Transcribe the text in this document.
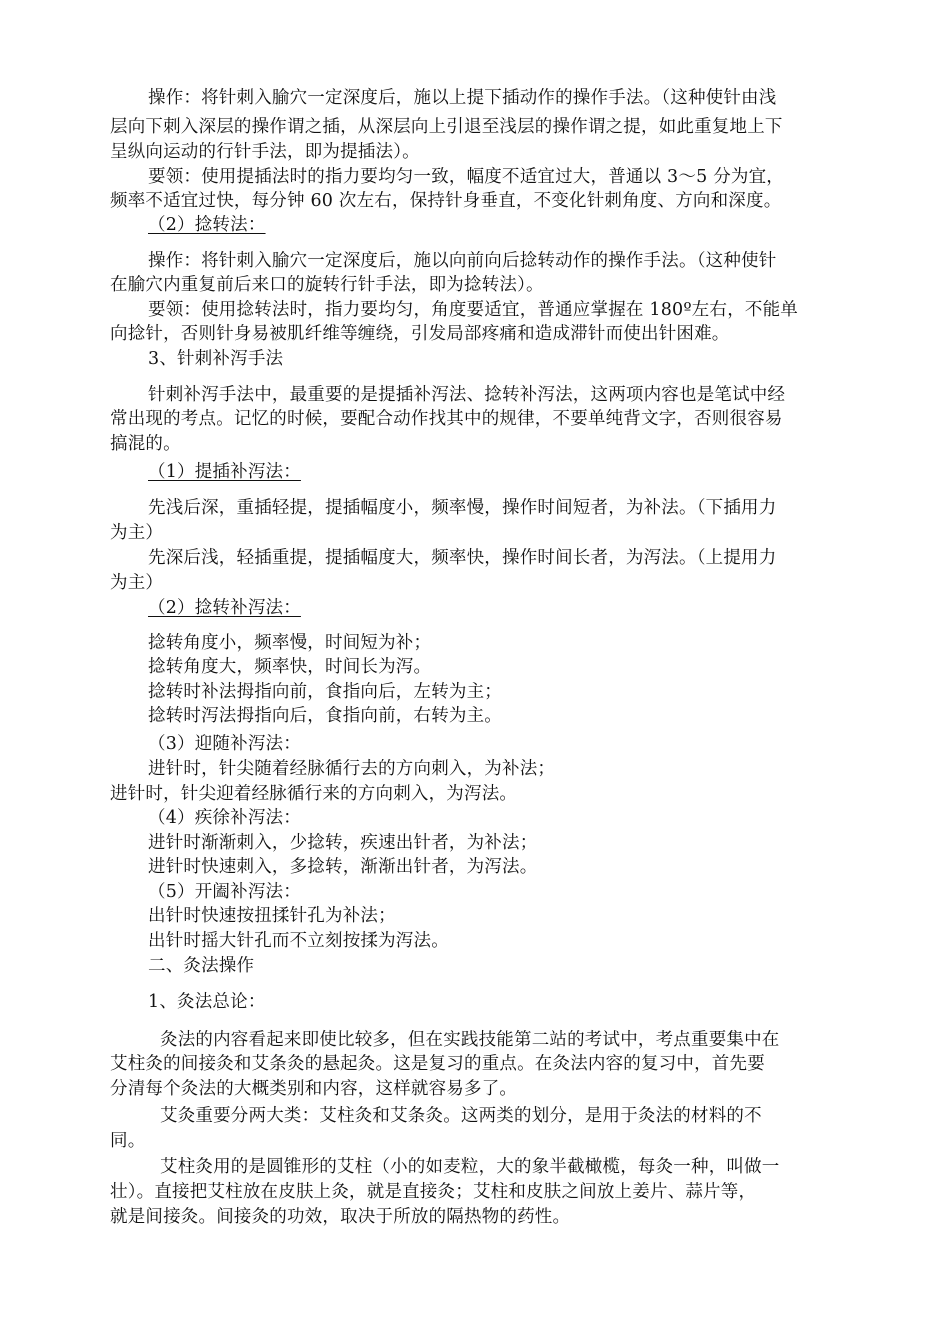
操作：将针刺入腧穴一定深度后，施以上提下插动作的操作手法。（这种使针由浅
层向下刺入深层的操作谓之插，从深层向上引退至浅层的操作谓之提，如此重复地上下
呈纵向运动的行针手法，即为提插法）。
要领：使用提插法时的指力要均匀一致，幅度不适宜过大，普通以 3～5 分为宜，
频率不适宜过快，每分钟 60 次左右，保持针身垂直，不变化针刺角度、方向和深度。
（2）捻转法：
操作：将针刺入腧穴一定深度后，施以向前向后捻转动作的操作手法。（这种使针
在腧穴内重复前后来口的旋转行针手法，即为捻转法）。
要领：使用捻转法时，指力要均匀，角度要适宜，普通应掌握在 180º左右，不能单
向捻针，否则针身易被肌纤维等缠绕，引发局部疼痛和造成滞针而使出针困难。
3、针刺补泻手法
针刺补泻手法中，最重要的是提插补泻法、捻转补泻法，这两项内容也是笔试中经
常出现的考点。记忆的时候，要配合动作找其中的规律，不要单纯背文字，否则很容易
搞混的。
（1）提插补泻法：
先浅后深，重插轻提，提插幅度小，频率慢，操作时间短者，为补法。（下插用力
为主）
先深后浅，轻插重提，提插幅度大，频率快，操作时间长者，为泻法。（上提用力
为主）
（2）捻转补泻法：
捻转角度小，频率慢，时间短为补；
捻转角度大，频率快，时间长为泻。
捻转时补法拇指向前，食指向后，左转为主；
捻转时泻法拇指向后，食指向前，右转为主。
（3）迎随补泻法：
进针时，针尖随着经脉循行去的方向刺入，为补法；
进针时，针尖迎着经脉循行来的方向刺入，为泻法。
（4）疾徐补泻法：
进针时渐渐刺入，少捻转，疾速出针者，为补法；
进针时快速刺入，多捻转，渐渐出针者，为泻法。
（5）开阖补泻法：
出针时快速按扭揉针孔为补法；
出针时摇大针孔而不立刻按揉为泻法。
二、灸法操作
1、灸法总论：
灸法的内容看起来即使比较多，但在实践技能第二站的考试中，考点重要集中在
艾柱灸的间接灸和艾条灸的悬起灸。这是复习的重点。在灸法内容的复习中，首先要
分清每个灸法的大概类别和内容，这样就容易多了。
艾灸重要分两大类：艾柱灸和艾条灸。这两类的划分，是用于灸法的材料的不
同。
艾柱灸用的是圆锥形的艾柱（小的如麦粒，大的象半截橄榄，每灸一种，叫做一
壮）。直接把艾柱放在皮肤上灸，就是直接灸；艾柱和皮肤之间放上姜片、蒜片等，
就是间接灸。间接灸的功效，取决于所放的隔热物的药性。
